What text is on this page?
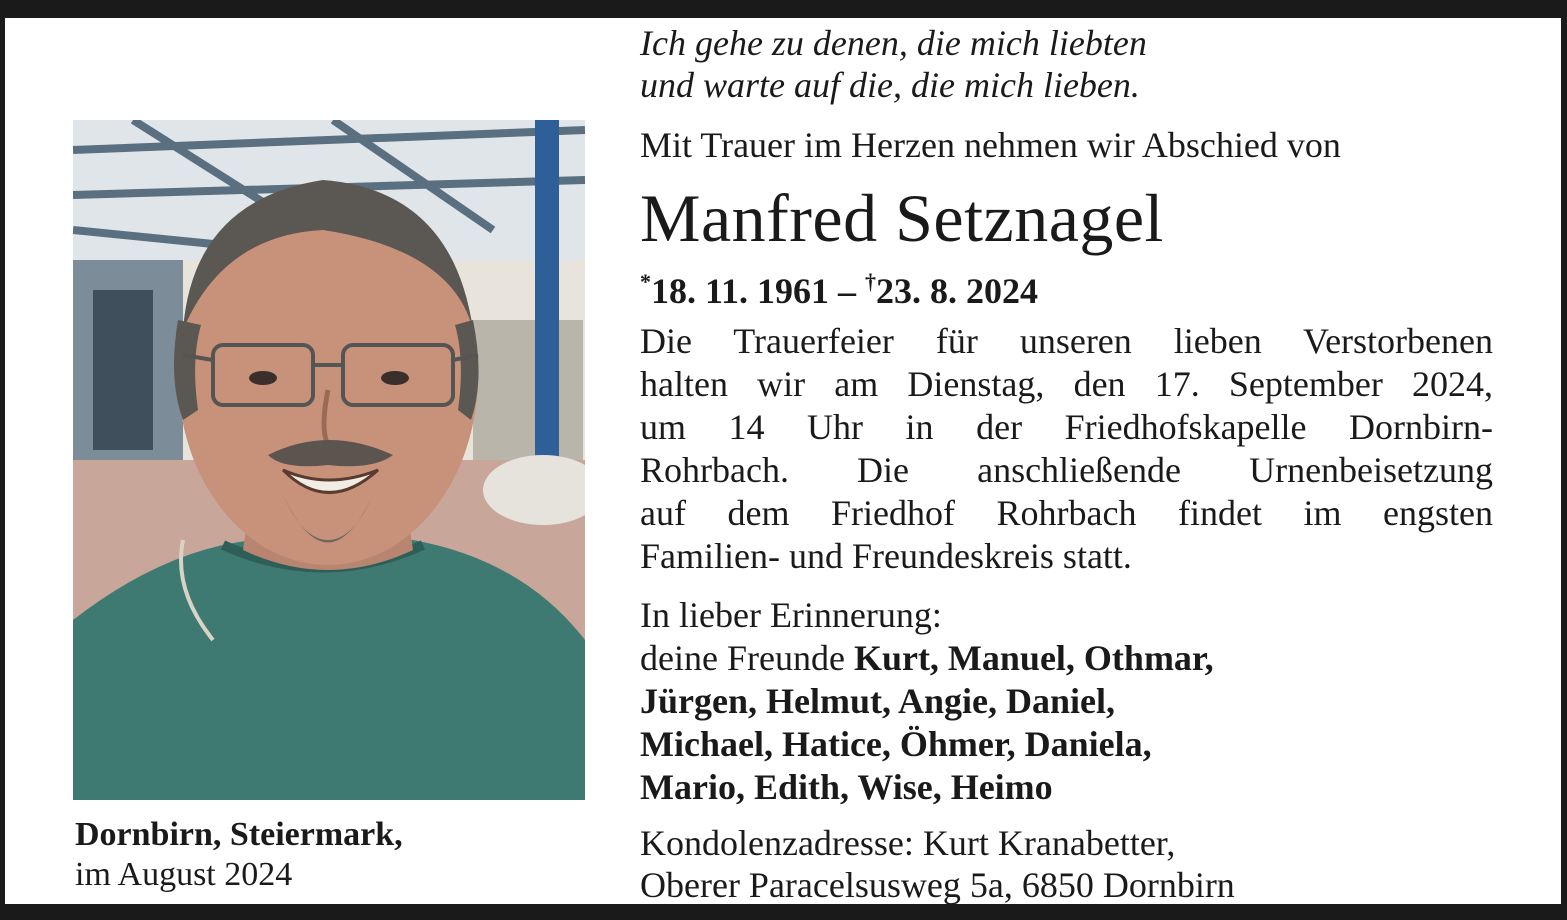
Dornbirn, Steiermark,
im August 2024
Ich gehe zu denen, die mich liebten
und warte auf die, die mich lieben.
Mit Trauer im Herzen nehmen wir Abschied von
Manfred Setznagel
*18. 11. 1961 – †23. 8. 2024
Die Trauerfeier für unseren lieben Verstorbenen
halten wir am Dienstag, den 17. September 2024,
um 14 Uhr in der Friedhofskapelle Dornbirn-
Rohrbach. Die anschließende Urnenbeisetzung
auf dem Friedhof Rohrbach findet im engsten
Familien- und Freundeskreis statt.
In lieber Erinnerung:
deine Freunde Kurt, Manuel, Othmar,
Jürgen, Helmut, Angie, Daniel,
Michael, Hatice, Öhmer, Daniela,
Mario, Edith, Wise, Heimo
Kondolenzadresse: Kurt Kranabetter,
Oberer Paracelsusweg 5a, 6850 Dornbirn
